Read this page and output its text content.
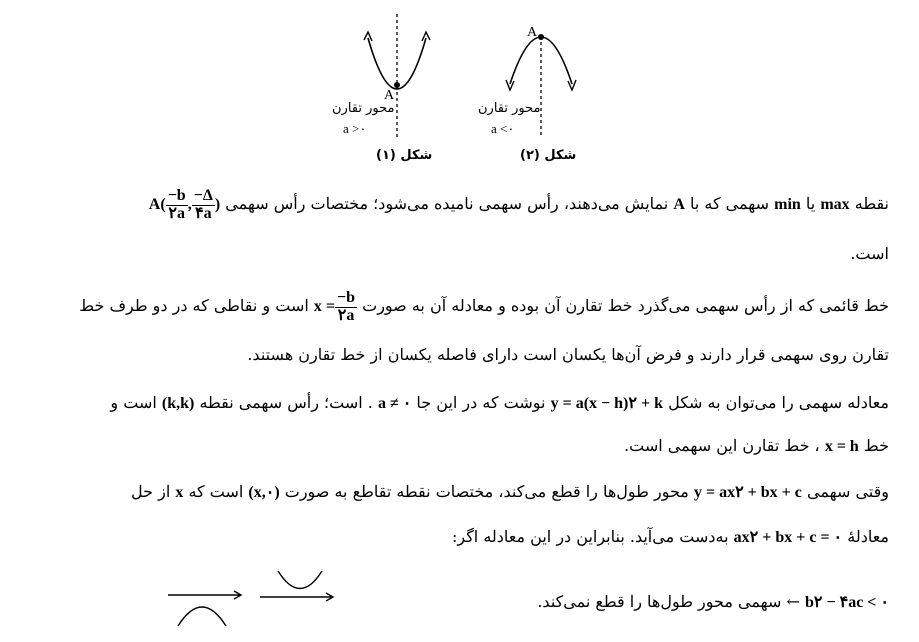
A
A
محور تقارن
a >۰
شکل (۱)
محور تقارن
a <۰
شکل (۲)
نقطه max یا min سهمی که با A نمایش می‌دهند، رأس سهمی نامیده می‌شود؛ مختصات رأس سهمی $A( \frac{-b}{۲a}$ , $\frac{-\Delta}{۴a}$ )
است.
خط قائمی که از رأس سهمی می‌گذرد خط تقارن آن بوده و معادله آن به صورت $x = \frac{-b}{۲a}$
است و نقاطی که در دو طرف خط
تقارن روی سهمی قرار دارند و فرض آن‌ها یکسان است دارای فاصله یکسان از خط تقارن هستند.
معادله سهمی را می‌توان به شکل y = a(x − h)۲ + k نوشت که در این جا a ≠ ۰ . است؛ رأس سهمی نقطه (k,k) است و
خط x = h ، خط تقارن این سهمی است.
وقتی سهمی y = ax۲ + bx + c محور طول‌ها را قطع می‌کند، مختصات نقطه تقاطع به صورت (x,۰) است که x از حل
معادلهٔ ax۲ + bx + c = ۰ به‌دست می‌آید. بنابراین در این معادله اگر:
b۲ − ۴ac < ۰ ← سهمی محور طول‌ها را قطع نمی‌کند.
